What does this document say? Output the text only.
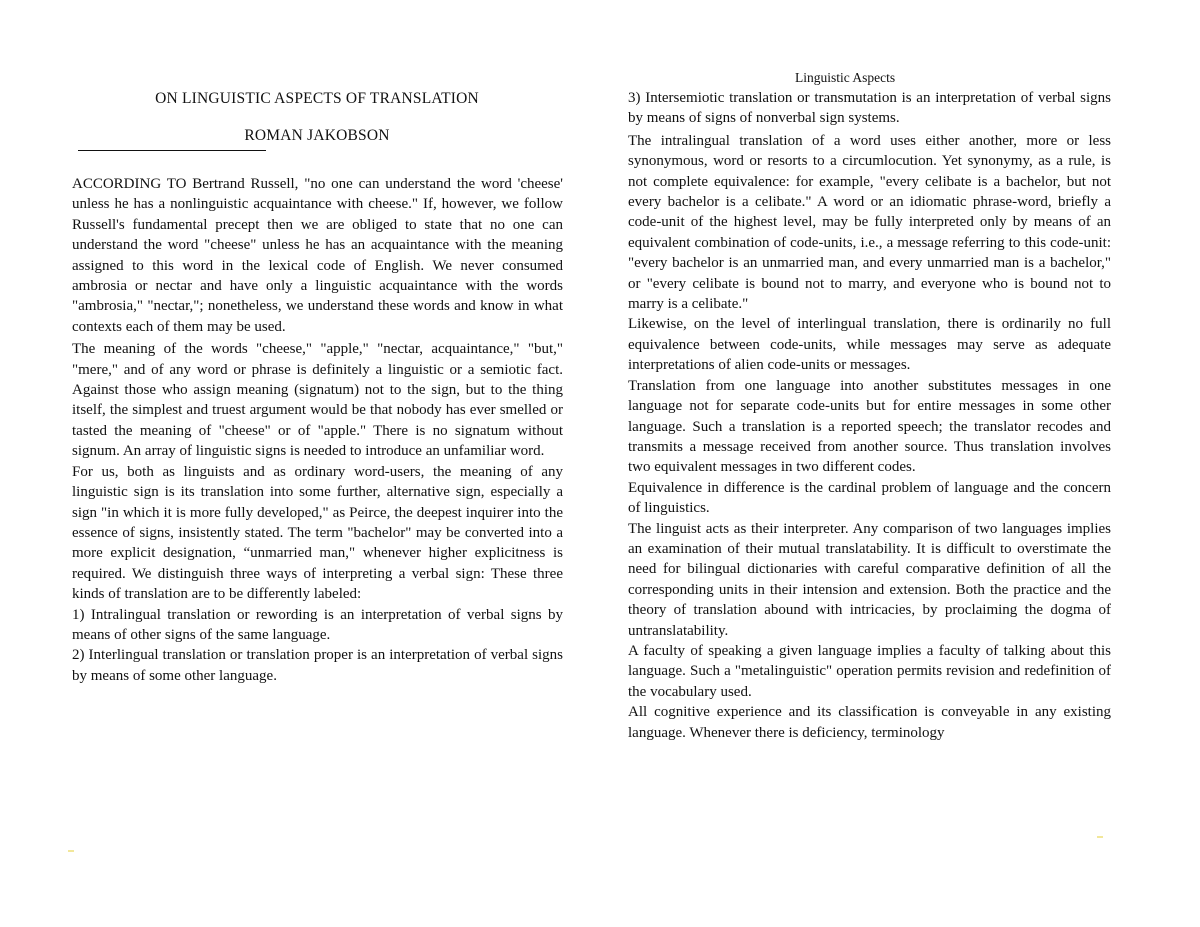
ON LINGUISTIC ASPECTS OF TRANSLATION
ROMAN JAKOBSON

ACCORDING TO Bertrand Russell, "no one can understand the word 'cheese' unless he has a nonlinguistic acquaintance with cheese." If, however, we follow Russell's fundamental precept then we are obliged to state that no one can understand the word "cheese" unless he has an acquaintance with the meaning assigned to this word in the lexical code of English. We never consumed ambrosia or nectar and have only a linguistic acquaintance with the words "ambrosia," "nectar,"; nonetheless, we understand these words and know in what contexts each of them may be used.

The meaning of the words "cheese," "apple," "nectar, acquaintance," "but," "mere," and of any word or phrase is definitely a linguistic or a semiotic fact. Against those who assign meaning (signatum) not to the sign, but to the thing itself, the simplest and truest argument would be that nobody has ever smelled or tasted the meaning of "cheese" or of "apple." There is no signatum without signum. An array of linguistic signs is needed to introduce an unfamiliar word.

For us, both as linguists and as ordinary word-users, the meaning of any linguistic sign is its translation into some further, alternative sign, especially a sign "in which it is more fully developed," as Peirce, the deepest inquirer into the essence of signs, insistently stated. The term "bachelor" may be converted into a more explicit designation, “unmarried man," whenever higher explicitness is required. We distinguish three ways of interpreting a verbal sign: These three kinds of translation are to be differently labeled:

1) Intralingual translation or rewording is an interpretation of verbal signs by means of other signs of the same language.

2) Interlingual translation or translation proper is an interpretation of verbal signs by means of some other language.

Linguistic Aspects

3) Intersemiotic translation or transmutation is an interpretation of verbal signs by means of signs of nonverbal sign systems.

The intralingual translation of a word uses either another, more or less synonymous, word or resorts to a circumlocution. Yet synonymy, as a rule, is not complete equivalence: for example, "every celibate is a bachelor, but not every bachelor is a celibate." A word or an idiomatic phrase-word, briefly a code-unit of the highest level, may be fully interpreted only by means of an equivalent combination of code-units, i.e., a message referring to this code-unit: "every bachelor is an unmarried man, and every unmarried man is a bachelor," or "every celibate is bound not to marry, and everyone who is bound not to marry is a celibate."

Likewise, on the level of interlingual translation, there is ordinarily no full equivalence between code-units, while messages may serve as adequate interpretations of alien code-units or messages.

Translation from one language into another substitutes messages in one language not for separate code-units but for entire messages in some other language. Such a translation is a reported speech; the translator recodes and transmits a message received from another source. Thus translation involves two equivalent messages in two different codes.

Equivalence in difference is the cardinal problem of language and the concern of linguistics.

The linguist acts as their interpreter. Any comparison of two languages implies an examination of their mutual translatability. It is difficult to overstimate the need for bilingual dictionaries with careful comparative definition of all the corresponding units in their intension and extension. Both the practice and the theory of translation abound with intricacies, by proclaiming the dogma of untranslatability.

A faculty of speaking a given language implies a faculty of talking about this language. Such a "metalinguistic" operation permits revision and redefinition of the vocabulary used.

All cognitive experience and its classification is conveyable in any existing language. Whenever there is deficiency, terminology
